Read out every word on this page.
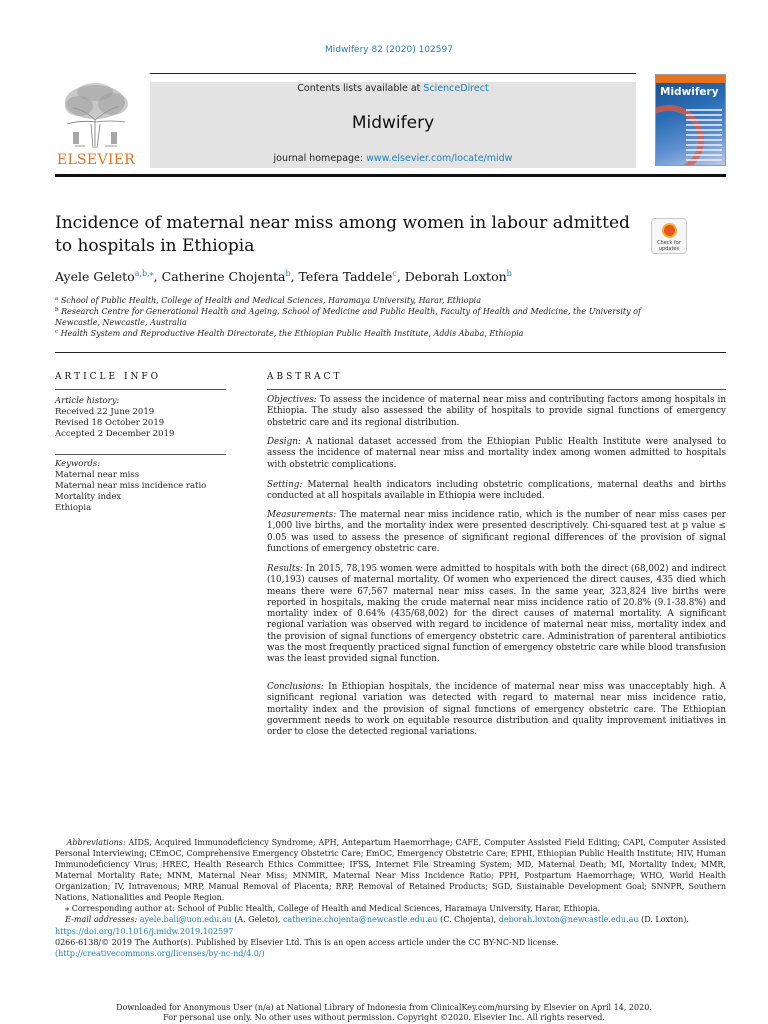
Midwifery 82 (2020) 102597
ELSEVIER
Contents lists available at ScienceDirect
Midwifery
journal homepage: www.elsevier.com/locate/midw
Midwifery
Incidence of maternal near miss among women in labour admitted to hospitals in Ethiopia	Check for
updates
Ayele Geleto$^{a,b,⁎}$, Catherine Chojenta$^b$, Tefera Taddele$^c$, Deborah Loxton$^b$
$^a$ School of Public Health, College of Health and Medical Sciences, Haramaya University, Harar, Ethiopia
$^b$ Research Centre for Generational Health and Ageing, School of Medicine and Public Health, Faculty of Health and Medicine, the University of Newcastle, Newcastle, Australia
$^c$ Health System and Reproductive Health Directorate, the Ethiopian Public Health Institute, Addis Ababa, Ethiopia
ARTICLE INFO	ABSTRACT
Article history:
Received 22 June 2019
Revised 18 October 2019
Accepted 2 December 2019
Keywords:
Maternal near miss
Maternal near miss incidence ratio
Mortality index
Ethiopia
Objectives: To assess the incidence of maternal near miss and contributing factors among hospitals in Ethiopia. The study also assessed the ability of hospitals to provide signal functions of emergency obstetric care and its regional distribution.
Design: A national dataset accessed from the Ethiopian Public Health Institute were analysed to assess the incidence of maternal near miss and mortality index among women admitted to hospitals with obstetric complications.
Setting: Maternal health indicators including obstetric complications, maternal deaths and births conducted at all hospitals available in Ethiopia were included.
Measurements: The maternal near miss incidence ratio, which is the number of near miss cases per 1,000 live births, and the mortality index were presented descriptively. Chi-squared test at p value ≤ 0.05 was used to assess the presence of significant regional differences of the provision of signal functions of emergency obstetric care.
Results: In 2015, 78,195 women were admitted to hospitals with both the direct (68,002) and indirect (10,193) causes of maternal mortality. Of women who experienced the direct causes, 435 died which means there were 67,567 maternal near miss cases. In the same year, 323,824 live births were reported in hospitals, making the crude maternal near miss incidence ratio of 20.8% (9.1-38.8%) and mortality index of 0.64% (435/68,002) for the direct causes of maternal mortality. A significant regional variation was observed with regard to incidence of maternal near miss, mortality index and the provision of signal functions of emergency obstetric care. Administration of parenteral antibiotics was the most frequently practiced signal function of emergency obstetric care while blood transfusion was the least provided signal function.
Conclusions: In Ethiopian hospitals, the incidence of maternal near miss was unacceptably high. A significant regional variation was detected with regard to maternal near miss incidence ratio, mortality index and the provision of signal functions of emergency obstetric care. The Ethiopian government needs to work on equitable resource distribution and quality improvement initiatives in order to close the detected regional variations.
Abbreviations: AIDS, Acquired Immunodeficiency Syndrome; APH, Antepartum Haemorrhage; CAFÉ, Computer Assisted Field Editing; CAPI, Computer Assisted Personal Interviewing; CEmOC, Comprehensive Emergency Obstetric Care; EmOC, Emergency Obstetric Care; EPHI, Ethiopian Public Health Institute; HIV, Human Immunodeficiency Virus; HREC, Health Research Ethics Committee; IFSS, Internet File Streaming System; MD, Maternal Death; MI, Mortality Index; MMR, Maternal Mortality Rate; MNM, Maternal Near Miss; MNMIR, Maternal Near Miss Incidence Ratio; PPH, Postpartum Haemorrhage; WHO, World Health Organization; IV, Intravenous; MRP, Manual Removal of Placenta; RRP, Removal of Retained Products; SGD, Sustainable Development Goal; SNNPR, Southern Nations, Nationalities and People Region.
⁎ Corresponding author at: School of Public Health, College of Health and Medical Sciences, Haramaya University, Harar, Ethiopia.
E-mail addresses: ayele.bali@uon.edu.au (A. Geleto), catherine.chojenta@newcastle.edu.au (C. Chojenta), deborah.loxton@newcastle.edu.au (D. Loxton).
https://doi.org/10.1016/j.midw.2019.102597
0266-6138/© 2019 The Author(s). Published by Elsevier Ltd. This is an open access article under the CC BY-NC-ND license.
(http://creativecommons.org/licenses/by-nc-nd/4.0/)
Downloaded for Anonymous User (n/a) at National Library of Indonesia from ClinicalKey.com/nursing by Elsevier on April 14, 2020.
For personal use only. No other uses without permission. Copyright ©2020. Elsevier Inc. All rights reserved.
